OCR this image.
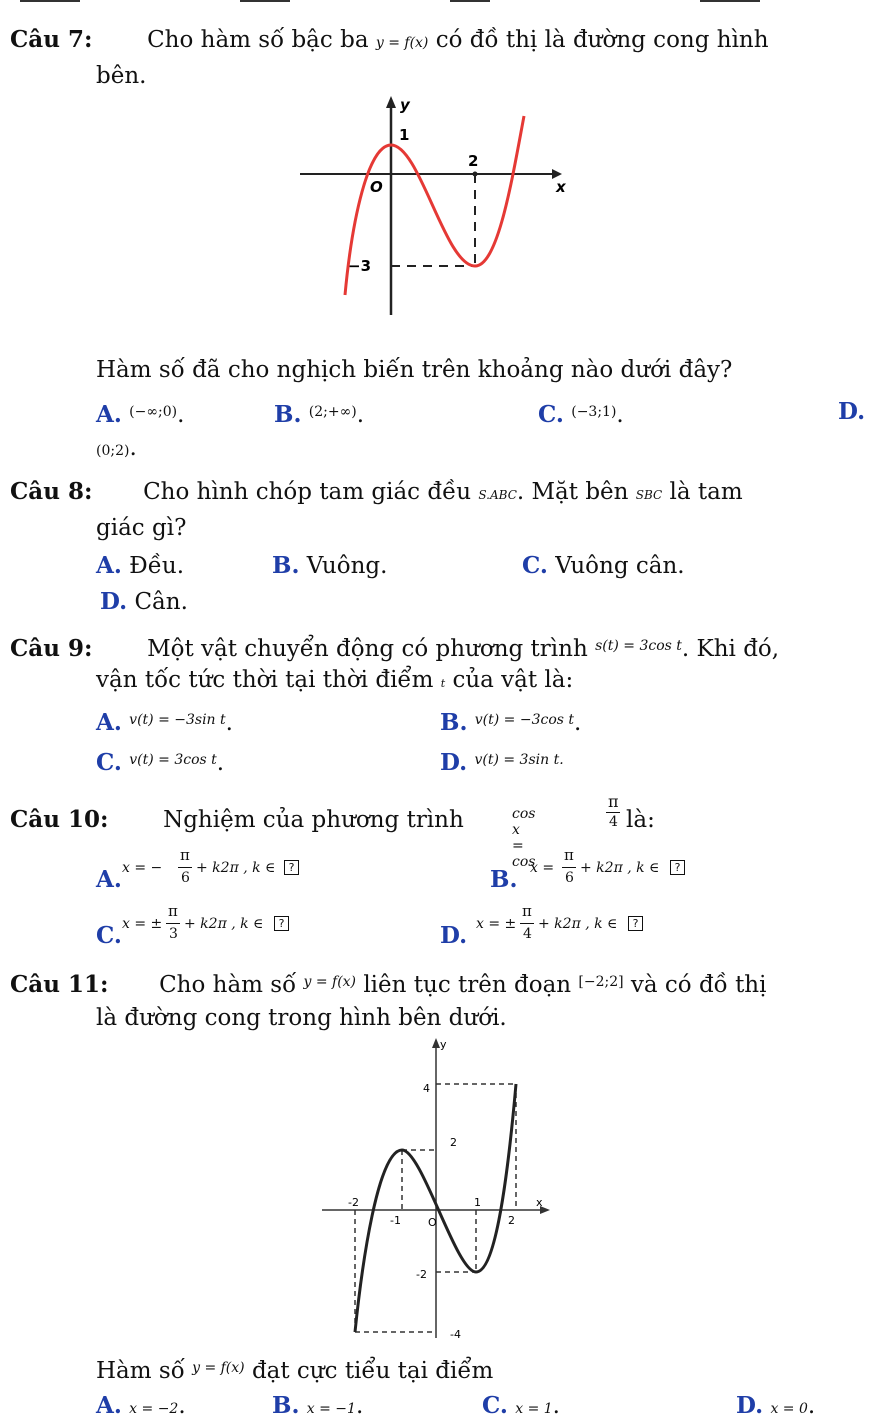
Câu 7: Cho hàm số bậc ba y = f(x) có đồ thị là đường cong hình
bên.
y
x
O
1
2
−3
Hàm số đã cho nghịch biến trên khoảng nào dưới đây?
A. $^{(-\infty;0)}$.	B. $^{(2;+\infty)}$.	C. $^{(-3;1)}$.	D.
(0;2).
Câu 8: Cho hình chóp tam giác đều S.ABC. Mặt bên SBC là tam
giác gì?
A. Đều.	B. Vuông.	C. Vuông cân.
D. Cân.
Câu 9: Một vật chuyển động có phương trình $^{s(t) = 3cos t}$. Khi đó,
vận tốc tức thời tại thời điểm t của vật là:
A. $^{v(t) = -3sin t}$.	B. $^{v(t) = -3cos t}$.
C. $^{v(t) = 3cos t}$.	D. $^{v(t) = 3sin t.}$
Câu 10: Nghiệm của phương trình	cos x = cos
π
4 là:
A. x = −
π
6
+ k2π , k ∈	?	B. x =
π
6
+ k2π , k ∈	?
C. x = ±
π
3
+ k2π , k ∈	?	D. x = ±
π
4
+ k2π , k ∈	?
Câu 11: Cho hàm số $^{y = f(x)}$ liên tục trên đoạn [−2;2] và có đồ thị
là đường cong trong hình bên dưới.
y
x
O
4
2
-2
-4
-2
-1
1
2
Hàm số $^{y = f(x)}$ đạt cực tiểu tại điểm
A. x = −2.	B. x = −1.	C. x = 1.	D. x = 0.
